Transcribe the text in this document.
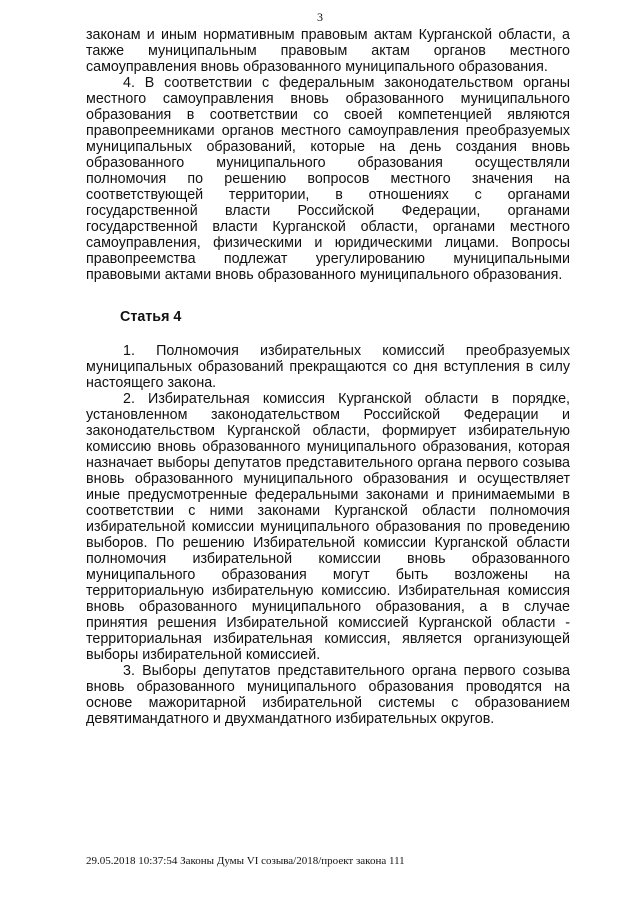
3

законам и иным нормативным правовым актам Курганской области, а также муниципальным правовым актам органов местного самоуправления вновь образованного муниципального образования.

4. В соответствии с федеральным законодательством органы местного самоуправления вновь образованного муниципального образования в соответствии со своей компетенцией являются правопреемниками органов местного самоуправления преобразуемых муниципальных образований, которые на день создания вновь образованного муниципального образования осуществляли полномочия по решению вопросов местного значения на соответствующей территории, в отношениях с органами государственной власти Российской Федерации, органами государственной власти Курганской области, органами местного самоуправления, физическими и юридическими лицами. Вопросы правопреемства подлежат урегулированию муниципальными правовыми актами вновь образованного муниципального образования.

Статья 4

1. Полномочия избирательных комиссий преобразуемых муниципальных образований прекращаются со дня вступления в силу настоящего закона.

2. Избирательная комиссия Курганской области в порядке, установленном законодательством Российской Федерации и законодательством Курганской области, формирует избирательную комиссию вновь образованного муниципального образования, которая назначает выборы депутатов представительного органа первого созыва вновь образованного муниципального образования и осуществляет иные предусмотренные федеральными законами и принимаемыми в соответствии с ними законами Курганской области полномочия избирательной комиссии муниципального образования по проведению выборов. По решению Избирательной комиссии Курганской области полномочия избирательной комиссии вновь образованного муниципального образования могут быть возложены на территориальную избирательную комиссию. Избирательная комиссия вновь образованного муниципального образования, а в случае принятия решения Избирательной комиссией Курганской области - территориальная избирательная комиссия, является организующей выборы избирательной комиссией.

3. Выборы депутатов представительного органа первого созыва вновь образованного муниципального образования проводятся на основе мажоритарной избирательной системы с образованием девятимандатного и двухмандатного избирательных округов.

29.05.2018 10:37:54 Законы Думы VI созыва/2018/проект закона 111
